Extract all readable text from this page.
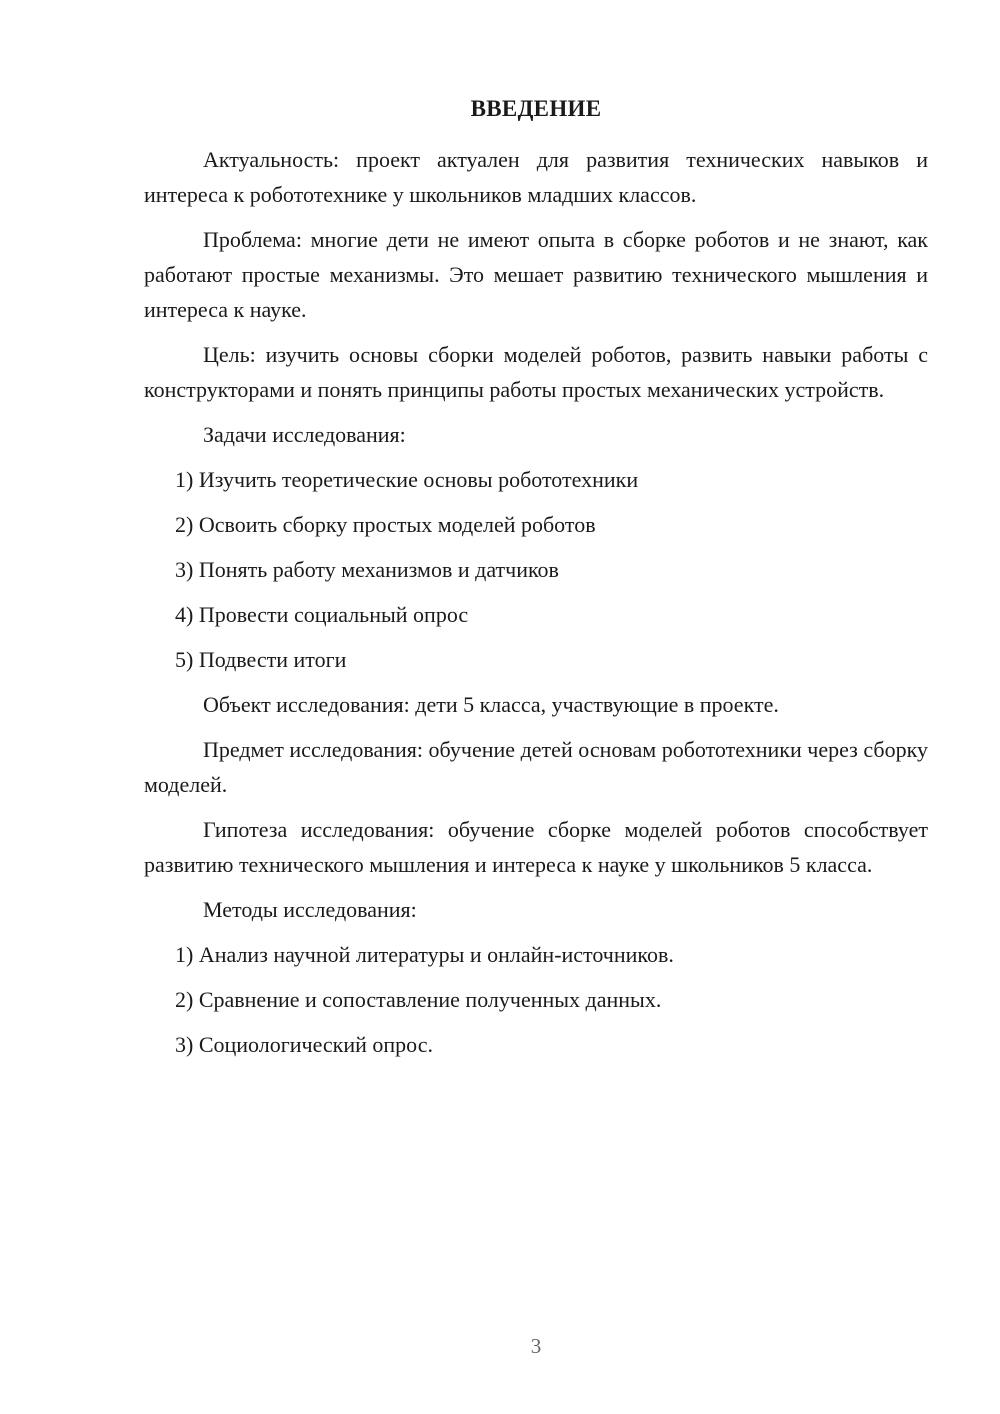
ВВЕДЕНИЕ

Актуальность: проект актуален для развития технических навыков и интереса к робототехнике у школьников младших классов.

Проблема: многие дети не имеют опыта в сборке роботов и не знают, как работают простые механизмы. Это мешает развитию технического мышления и интереса к науке.

Цель: изучить основы сборки моделей роботов, развить навыки работы с конструкторами и понять принципы работы простых механических устройств.

Задачи исследования:

1) Изучить теоретические основы робототехники

2) Освоить сборку простых моделей роботов

3) Понять работу механизмов и датчиков

4) Провести социальный опрос

5) Подвести итоги

Объект исследования: дети 5 класса, участвующие в проекте.

Предмет исследования: обучение детей основам робототехники через сборку моделей.

Гипотеза исследования: обучение сборке моделей роботов способствует развитию технического мышления и интереса к науке у школьников 5 класса.

Методы исследования:

1) Анализ научной литературы и онлайн-источников.

2) Сравнение и сопоставление полученных данных.

3) Социологический опрос.

3
